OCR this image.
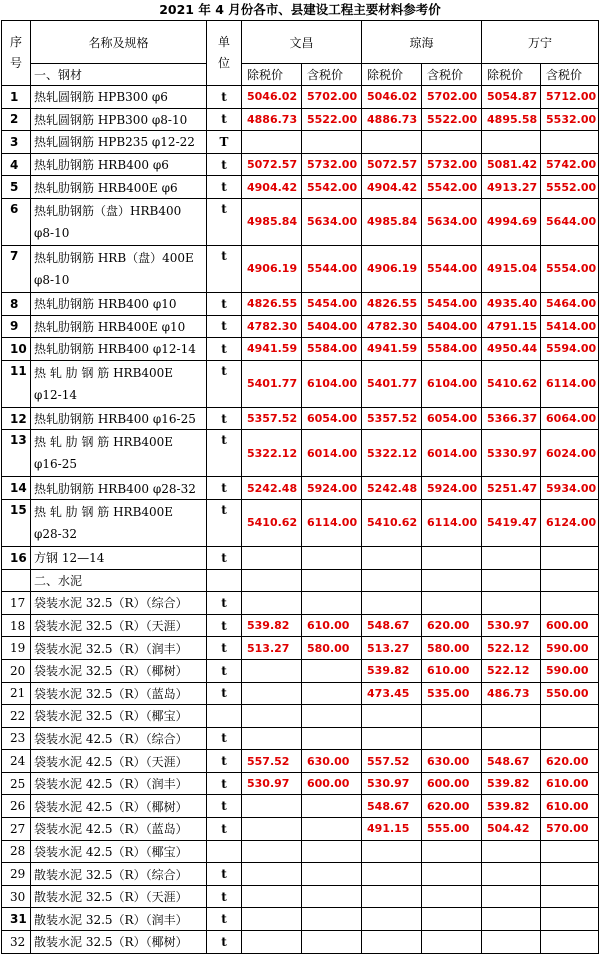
2021 年 4 月份各市、县建设工程主要材料参考价
序号	名称及规格	单位	文昌		琼海		万宁	
	一、钢材		除税价	含税价	除税价	含税价	除税价	含税价
1	热轧圆钢筋 HPB300 φ6	t	5046.02	5702.00	5046.02	5702.00	5054.87	5712.00
2	热轧圆钢筋 HPB300 φ8-10	t	4886.73	5522.00	4886.73	5522.00	4895.58	5532.00
3	热轧圆钢筋 HPB235 φ12-22	T						
4	热轧肋钢筋 HRB400 φ6	t	5072.57	5732.00	5072.57	5732.00	5081.42	5742.00
5	热轧肋钢筋 HRB400E φ6	t	4904.42	5542.00	4904.42	5542.00	4913.27	5552.00
6	热轧肋钢筋（盘）HRB400 φ8-10	t	4985.84	5634.00	4985.84	5634.00	4994.69	5644.00
7	热轧肋钢筋 HRB（盘）400E φ8-10	t	4906.19	5544.00	4906.19	5544.00	4915.04	5554.00
8	热轧肋钢筋 HRB400 φ10	t	4826.55	5454.00	4826.55	5454.00	4935.40	5464.00
9	热轧肋钢筋 HRB400E φ10	t	4782.30	5404.00	4782.30	5404.00	4791.15	5414.00
10	热轧肋钢筋 HRB400 φ12-14	t	4941.59	5584.00	4941.59	5584.00	4950.44	5594.00
11	热 轧 肋 钢 筋 HRB400E φ12-14	t	5401.77	6104.00	5401.77	6104.00	5410.62	6114.00
12	热轧肋钢筋 HRB400 φ16-25	t	5357.52	6054.00	5357.52	6054.00	5366.37	6064.00
13	热 轧 肋 钢 筋 HRB400E φ16-25	t	5322.12	6014.00	5322.12	6014.00	5330.97	6024.00
14	热轧肋钢筋 HRB400 φ28-32	t	5242.48	5924.00	5242.48	5924.00	5251.47	5934.00
15	热 轧 肋 钢 筋 HRB400E φ28-32	t	5410.62	6114.00	5410.62	6114.00	5419.47	6124.00
16	方钢 12—14	t						
	二、水泥							
17	袋装水泥 32.5（R）（综合）	t						
18	袋装水泥 32.5（R）（天涯）	t	539.82	610.00	548.67	620.00	530.97	600.00
19	袋装水泥 32.5（R）（润丰）	t	513.27	580.00	513.27	580.00	522.12	590.00
20	袋装水泥 32.5（R）（椰树）	t			539.82	610.00	522.12	590.00
21	袋装水泥 32.5（R）（蓝岛）	t			473.45	535.00	486.73	550.00
22	袋装水泥 32.5（R）（椰宝）							
23	袋装水泥 42.5（R）（综合）	t						
24	袋装水泥 42.5（R）（天涯）	t	557.52	630.00	557.52	630.00	548.67	620.00
25	袋装水泥 42.5（R）（润丰）	t	530.97	600.00	530.97	600.00	539.82	610.00
26	袋装水泥 42.5（R）（椰树）	t			548.67	620.00	539.82	610.00
27	袋装水泥 42.5（R）（蓝岛）	t			491.15	555.00	504.42	570.00
28	袋装水泥 42.5（R）（椰宝）							
29	散装水泥 32.5（R）（综合）	t						
30	散装水泥 32.5（R）（天涯）	t						
31	散装水泥 32.5（R）（润丰）	t						
32	散装水泥 32.5（R）（椰树）	t						
